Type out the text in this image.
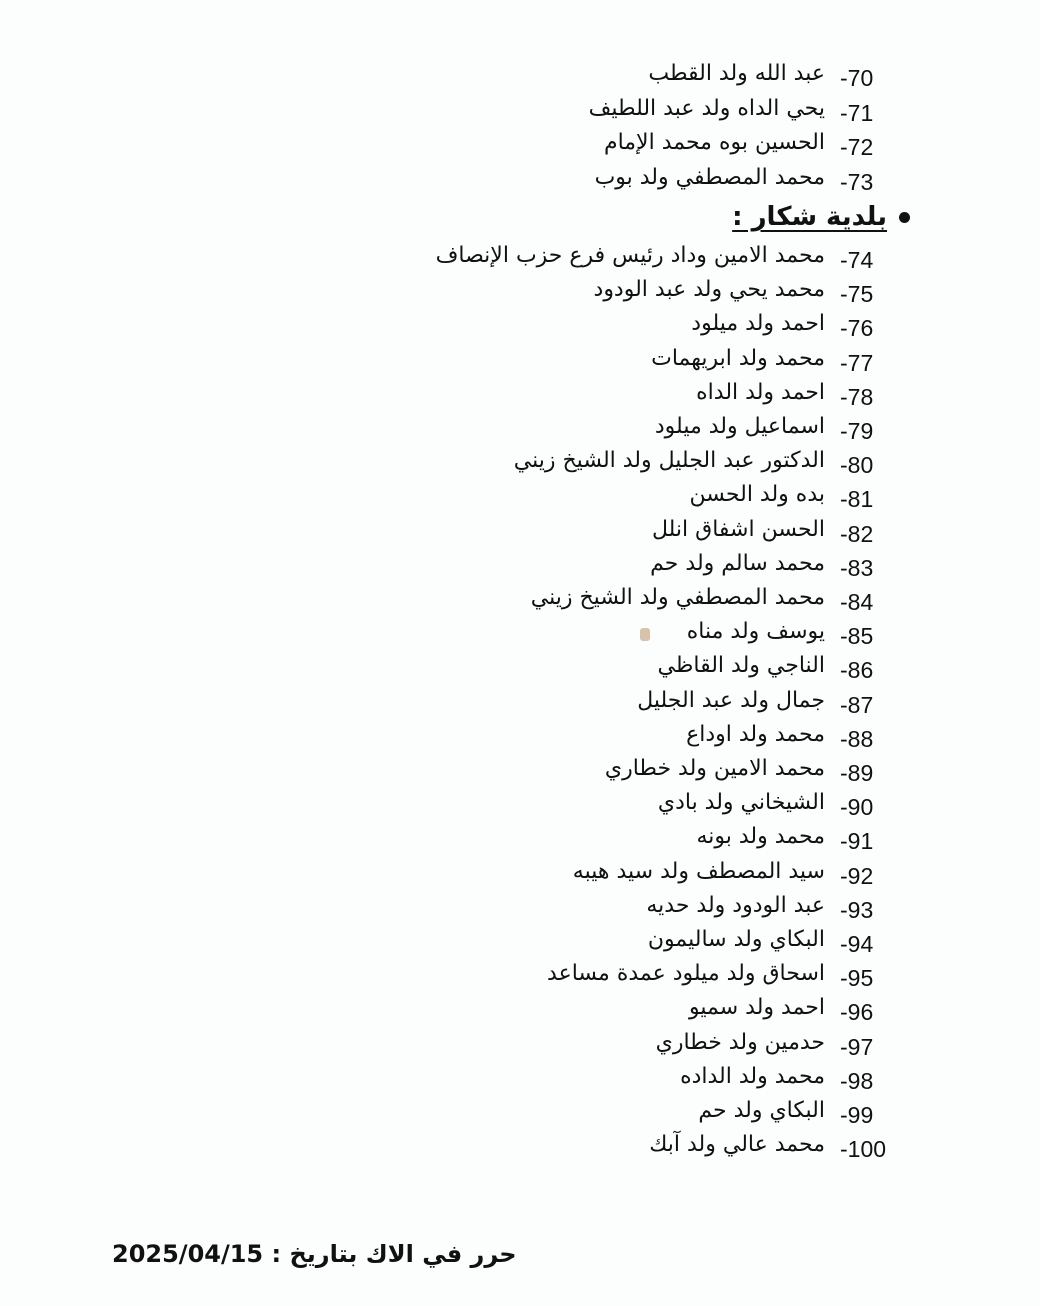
-70
عبد الله ولد القطب
-71
يحي الداه ولد عبد اللطيف
-72
الحسين بوه محمد الإمام
-73
محمد المصطفي ولد بوب
-74
محمد الامين وداد رئيس فرع حزب الإنصاف
-75
محمد يحي ولد عبد الودود
-76
احمد ولد ميلود
-77
محمد ولد ابريهمات
-78
احمد ولد الداه
-79
اسماعيل ولد ميلود
-80
الدكتور عبد الجليل ولد الشيخ زيني
-81
بده ولد الحسن
-82
الحسن اشفاق انلل
-83
محمد سالم ولد حم
-84
محمد المصطفي ولد الشيخ زيني
-85
يوسف ولد مناه
-86
الناجي ولد القاظي
-87
جمال ولد عبد الجليل
-88
محمد ولد اوداع
-89
محمد الامين ولد خطاري
-90
الشيخاني ولد بادي
-91
محمد ولد بونه
-92
سيد المصطف ولد سيد هيبه
-93
عبد الودود ولد حديه
-94
البكاي ولد ساليمون
-95
اسحاق ولد ميلود عمدة مساعد
-96
احمد ولد سميو
-97
حدمين ولد خطاري
-98
محمد ولد الداده
-99
البكاي ولد حم
-100
محمد عالي ولد آبك
بلدية شكار :
حرر في الاك بتاريخ : 2025/04/15
